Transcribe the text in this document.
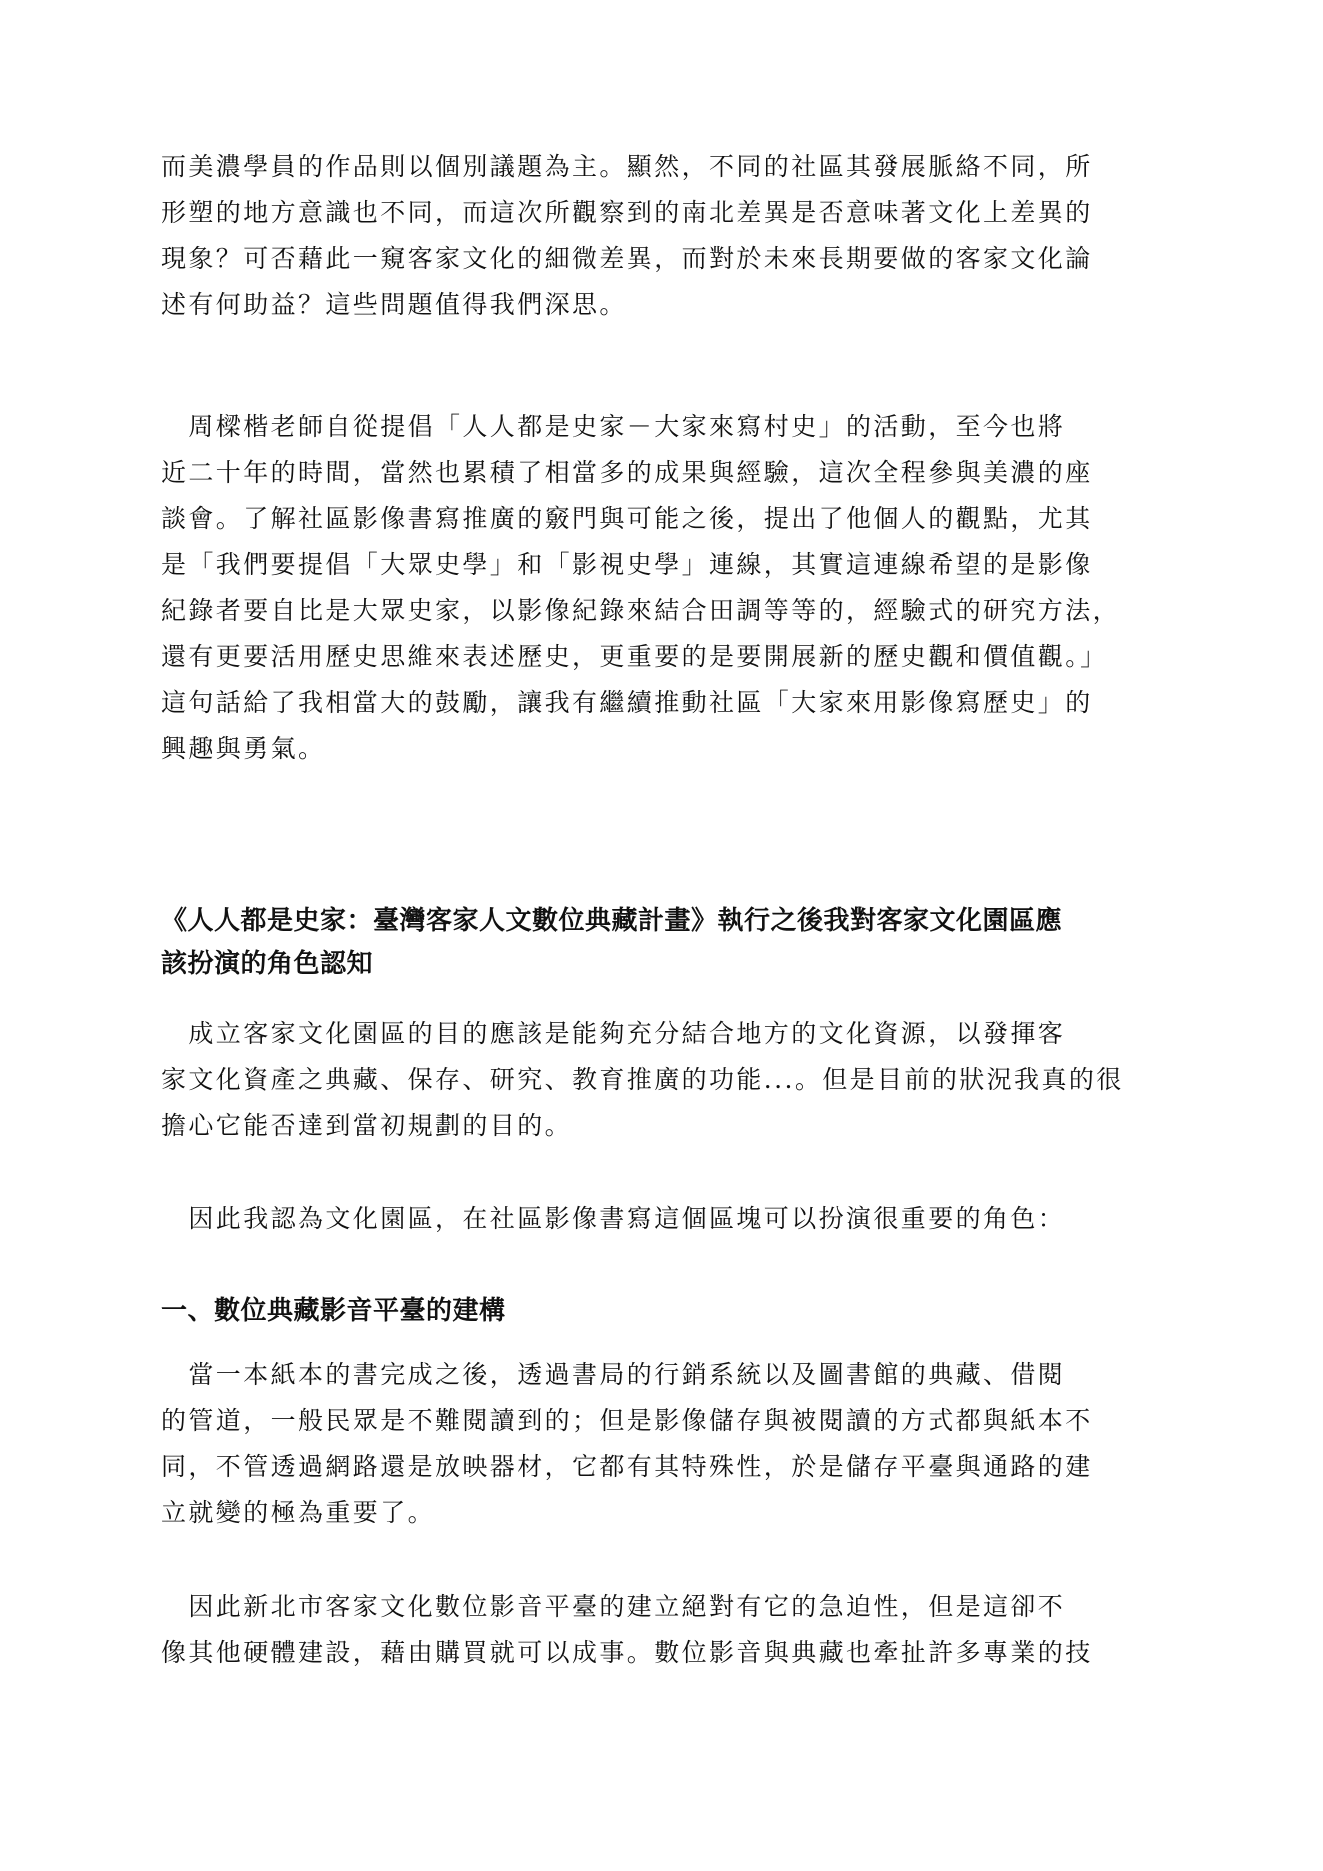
而美濃學員的作品則以個別議題為主。顯然，不同的社區其發展脈絡不同，所
形塑的地方意識也不同，而這次所觀察到的南北差異是否意味著文化上差異的
現象？可否藉此一窺客家文化的細微差異，而對於未來長期要做的客家文化論
述有何助益？這些問題值得我們深思。

　周樑楷老師自從提倡「人人都是史家－大家來寫村史」的活動，至今也將
近二十年的時間，當然也累積了相當多的成果與經驗，這次全程參與美濃的座
談會。了解社區影像書寫推廣的竅門與可能之後，提出了他個人的觀點，尤其
是「我們要提倡「大眾史學」和「影視史學」連線，其實這連線希望的是影像
紀錄者要自比是大眾史家，以影像紀錄來結合田調等等的，經驗式的研究方法，
還有更要活用歷史思維來表述歷史，更重要的是要開展新的歷史觀和價值觀。」
這句話給了我相當大的鼓勵，讓我有繼續推動社區「大家來用影像寫歷史」的
興趣與勇氣。

《人人都是史家：臺灣客家人文數位典藏計畫》執行之後我對客家文化園區應
該扮演的角色認知

　成立客家文化園區的目的應該是能夠充分結合地方的文化資源，以發揮客
家文化資產之典藏、保存、研究、教育推廣的功能...。但是目前的狀況我真的很
擔心它能否達到當初規劃的目的。

　因此我認為文化園區，在社區影像書寫這個區塊可以扮演很重要的角色：

一、數位典藏影音平臺的建構

　當一本紙本的書完成之後，透過書局的行銷系統以及圖書館的典藏、借閱
的管道，一般民眾是不難閱讀到的；但是影像儲存與被閱讀的方式都與紙本不
同，不管透過網路還是放映器材，它都有其特殊性，於是儲存平臺與通路的建
立就變的極為重要了。

　因此新北市客家文化數位影音平臺的建立絕對有它的急迫性，但是這卻不
像其他硬體建設，藉由購買就可以成事。數位影音與典藏也牽扯許多專業的技
